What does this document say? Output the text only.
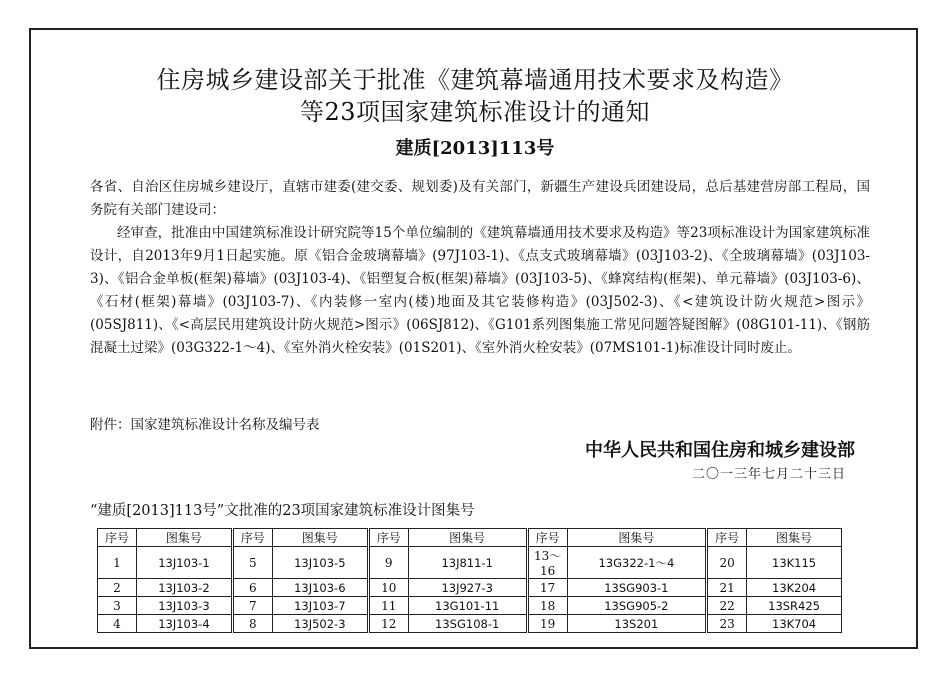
住房城乡建设部关于批准《建筑幕墙通用技术要求及构造》
等23项国家建筑标准设计的通知
建质[2013]113号

各省、自治区住房城乡建设厅，直辖市建委(建交委、规划委)及有关部门，新疆生产建设兵团建设局，总后基建营房部工程局，国务院有关部门建设司：

经审查，批准由中国建筑标准设计研究院等15个单位编制的《建筑幕墙通用技术要求及构造》等23项标准设计为国家建筑标准设计，自2013年9月1日起实施。原《铝合金玻璃幕墙》(97J103-1)、《点支式玻璃幕墙》(03J103-2)、《全玻璃幕墙》(03J103-3)、《铝合金单板(框架)幕墙》(03J103-4)、《铝塑复合板(框架)幕墙》(03J103-5)、《蜂窝结构(框架)、单元幕墙》(03J103-6)、《石材(框架)幕墙》(03J103-7)、《内装修一室内(楼)地面及其它装修构造》(03J502-3)、《<建筑设计防火规范>图示》(05SJ811)、《<高层民用建筑设计防火规范>图示》(06SJ812)、《G101系列图集施工常见问题答疑图解》(08G101-11)、《钢筋混凝土过梁》(03G322-1～4)、《室外消火栓安装》(01S201)、《室外消火栓安装》(07MS101-1)标准设计同时废止。

附件：国家建筑标准设计名称及编号表
中华人民共和国住房和城乡建设部
二〇一三年七月二十三日
“建质[2013]113号”文批准的23项国家建筑标准设计图集号
序号	图集号	序号	图集号	序号	图集号	序号	图集号	序号	图集号
1	13J103-1	5	13J103-5	9	13J811-1	13～16	13G322-1～4	20	13K115
2	13J103-2	6	13J103-6	10	13J927-3	17	13SG903-1	21	13K204
3	13J103-3	7	13J103-7	11	13G101-11	18	13SG905-2	22	13SR425
4	13J103-4	8	13J502-3	12	13SG108-1	19	13S201	23	13K704
